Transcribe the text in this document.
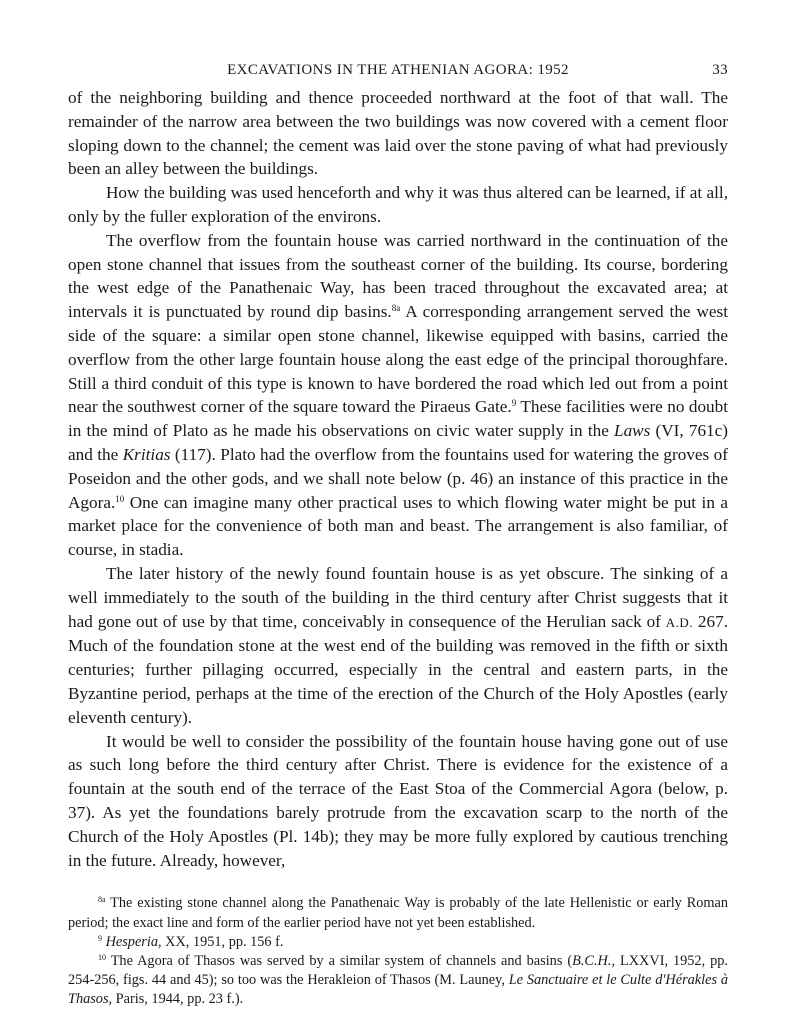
EXCAVATIONS IN THE ATHENIAN AGORA: 1952	33

of the neighboring building and thence proceeded northward at the foot of that wall. The remainder of the narrow area between the two buildings was now covered with a cement floor sloping down to the channel; the cement was laid over the stone paving of what had previously been an alley between the buildings.

How the building was used henceforth and why it was thus altered can be learned, if at all, only by the fuller exploration of the environs.

The overflow from the fountain house was carried northward in the continuation of the open stone channel that issues from the southeast corner of the building. Its course, bordering the west edge of the Panathenaic Way, has been traced throughout the excavated area; at intervals it is punctuated by round dip basins.$^{8a}$ A corresponding arrangement served the west side of the square: a similar open stone channel, likewise equipped with basins, carried the overflow from the other large fountain house along the east edge of the principal thoroughfare. Still a third conduit of this type is known to have bordered the road which led out from a point near the southwest corner of the square toward the Piraeus Gate.$^9$ These facilities were no doubt in the mind of Plato as he made his observations on civic water supply in the Laws (VI, 761c) and the Kritias (117). Plato had the overflow from the fountains used for watering the groves of Poseidon and the other gods, and we shall note below (p. 46) an instance of this practice in the Agora.$^{10}$ One can imagine many other practical uses to which flowing water might be put in a market place for the convenience of both man and beast. The arrangement is also familiar, of course, in stadia.

The later history of the newly found fountain house is as yet obscure. The sinking of a well immediately to the south of the building in the third century after Christ suggests that it had gone out of use by that time, conceivably in consequence of the Herulian sack of A.D. 267. Much of the foundation stone at the west end of the building was removed in the fifth or sixth centuries; further pillaging occurred, especially in the central and eastern parts, in the Byzantine period, perhaps at the time of the erection of the Church of the Holy Apostles (early eleventh century).

It would be well to consider the possibility of the fountain house having gone out of use as such long before the third century after Christ. There is evidence for the existence of a fountain at the south end of the terrace of the East Stoa of the Commercial Agora (below, p. 37). As yet the foundations barely protrude from the excavation scarp to the north of the Church of the Holy Apostles (Pl. 14b); they may be more fully explored by cautious trenching in the future. Already, however,

$^{8a}$ The existing stone channel along the Panathenaic Way is probably of the late Hellenistic or early Roman period; the exact line and form of the earlier period have not yet been established.

$^9$ Hesperia, XX, 1951, pp. 156 f.

$^{10}$ The Agora of Thasos was served by a similar system of channels and basins (B.C.H., LXXVI, 1952, pp. 254-256, figs. 44 and 45); so too was the Herakleion of Thasos (M. Launey, Le Sanctuaire et le Culte d'Hérakles à Thasos, Paris, 1944, pp. 23 f.).
